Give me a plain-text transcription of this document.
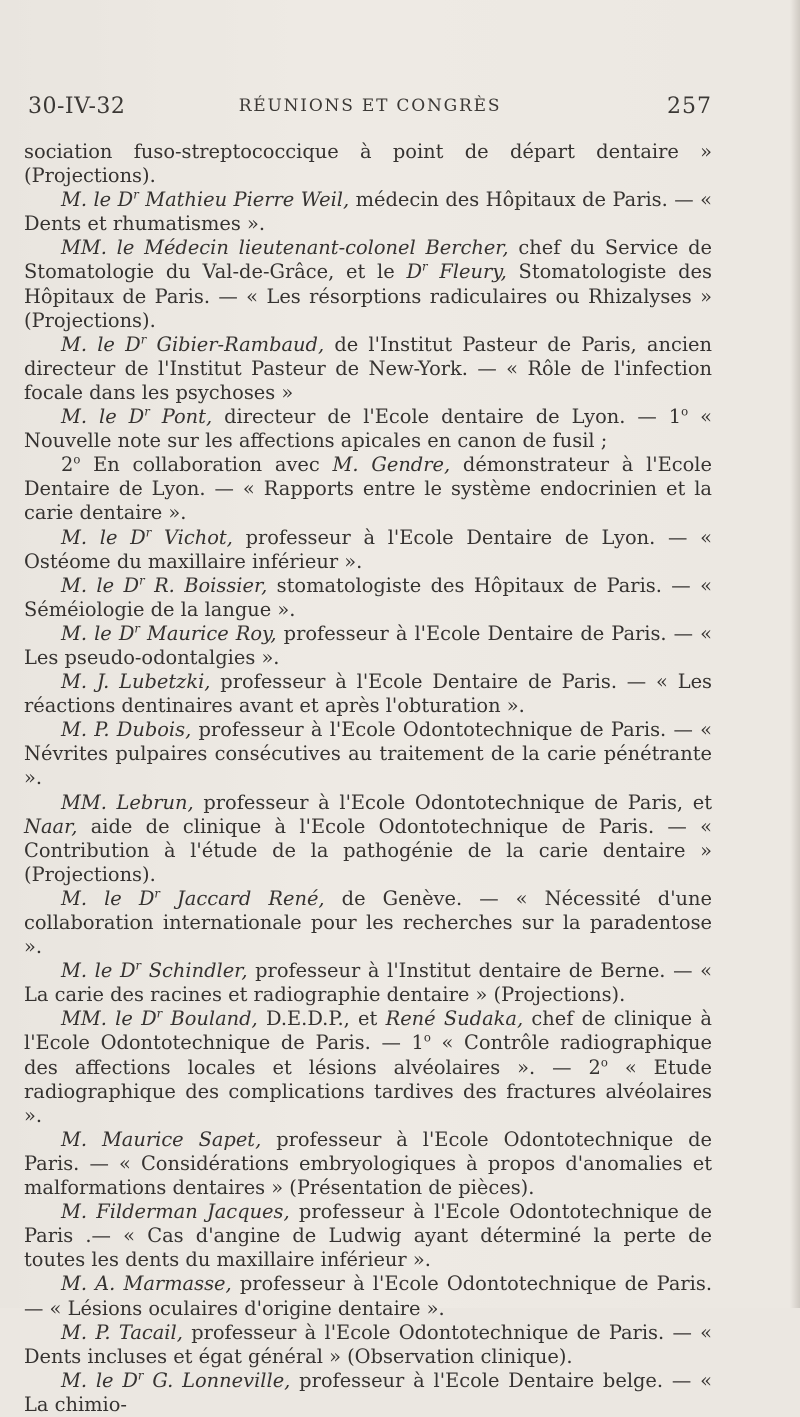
30-IV-32	RÉUNIONS ET CONGRÈS	257

sociation fuso-streptococcique à point de départ dentaire » (Projections).

M. le $D^r$ Mathieu Pierre Weil, médecin des Hôpitaux de Paris. — « Dents et rhumatismes ».

MM. le Médecin lieutenant-colonel Bercher, chef du Service de Stomatologie du Val-de-Grâce, et le $D^r$ Fleury, Stomatologiste des Hôpitaux de Paris. — « Les résorptions radiculaires ou Rhizalyses » (Projections).

M. le $D^r$ Gibier-Rambaud, de l'Institut Pasteur de Paris, ancien directeur de l'Institut Pasteur de New-York. — « Rôle de l'infection focale dans les psychoses »

M. le $D^r$ Pont, directeur de l'Ecole dentaire de Lyon. — 1$^o$ « Nouvelle note sur les affections apicales en canon de fusil ;

2$^o$ En collaboration avec M. Gendre, démonstrateur à l'Ecole Dentaire de Lyon. — « Rapports entre le système endocrinien et la carie dentaire ».

M. le $D^r$ Vichot, professeur à l'Ecole Dentaire de Lyon. — « Ostéome du maxillaire inférieur ».

M. le $D^r$ R. Boissier, stomatologiste des Hôpitaux de Paris. — « Séméiologie de la langue ».

M. le $D^r$ Maurice Roy, professeur à l'Ecole Dentaire de Paris. — « Les pseudo-odontalgies ».

M. J. Lubetzki, professeur à l'Ecole Dentaire de Paris. — « Les réactions dentinaires avant et après l'obturation ».

M. P. Dubois, professeur à l'Ecole Odontotechnique de Paris. — « Névrites pulpaires consécutives au traitement de la carie pénétrante ».

MM. Lebrun, professeur à l'Ecole Odontotechnique de Paris, et Naar, aide de clinique à l'Ecole Odontotechnique de Paris. — « Contribution à l'étude de la pathogénie de la carie dentaire » (Projections).

M. le $D^r$ Jaccard René, de Genève. — « Nécessité d'une collaboration internationale pour les recherches sur la paradentose ».

M. le $D^r$ Schindler, professeur à l'Institut dentaire de Berne. — « La carie des racines et radiographie dentaire » (Projections).

MM. le $D^r$ Bouland, D.E.D.P., et René Sudaka, chef de clinique à l'Ecole Odontotechnique de Paris. — 1$^o$ « Contrôle radiographique des affections locales et lésions alvéolaires ». — 2$^o$ « Etude radiographique des complications tardives des fractures alvéolaires ».

M. Maurice Sapet, professeur à l'Ecole Odontotechnique de Paris. — « Considérations embryologiques à propos d'anomalies et malformations dentaires » (Présentation de pièces).

M. Filderman Jacques, professeur à l'Ecole Odontotechnique de Paris .— « Cas d'angine de Ludwig ayant déterminé la perte de toutes les dents du maxillaire inférieur ».

M. A. Marmasse, professeur à l'Ecole Odontotechnique de Paris. — « Lésions oculaires d'origine dentaire ».

M. P. Tacail, professeur à l'Ecole Odontotechnique de Paris. — « Dents incluses et égat général » (Observation clinique).

M. le $D^r$ G. Lonneville, professeur à l'Ecole Dentaire belge. — « La chimio-
